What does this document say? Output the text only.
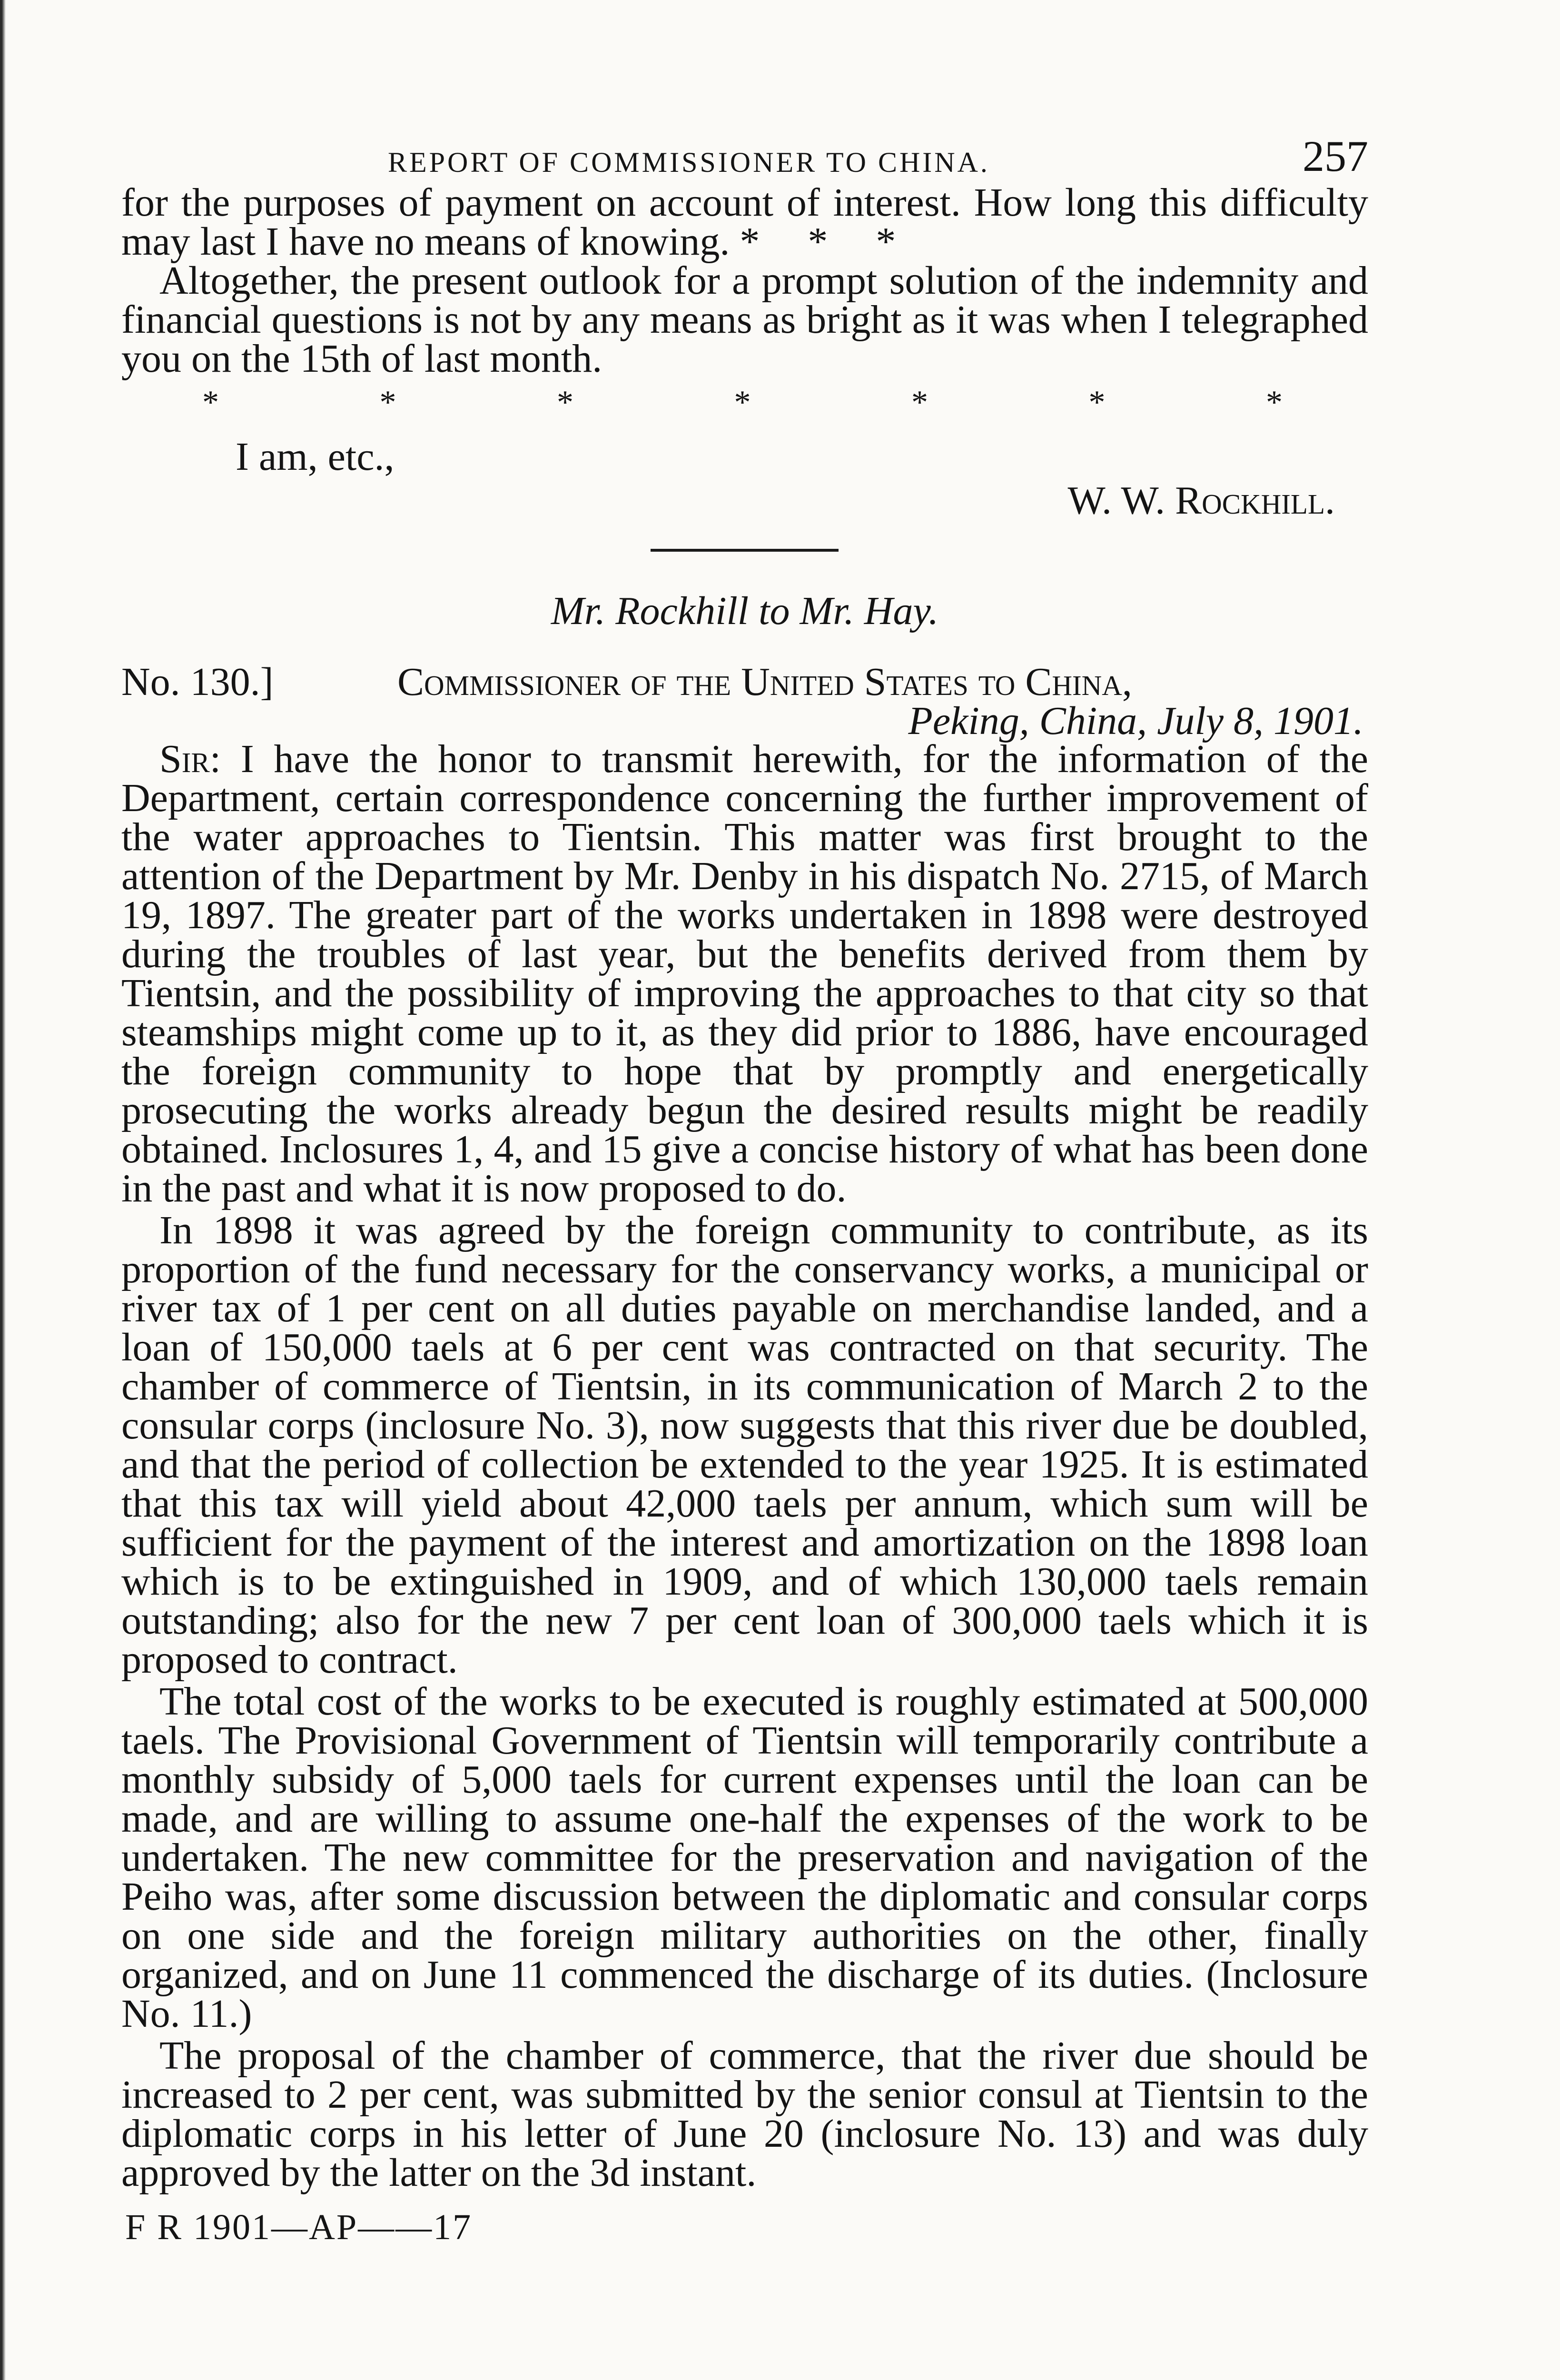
REPORT OF COMMISSIONER TO CHINA.	257

for the purposes of payment on account of interest. How long this difficulty may last I have no means of knowing. * * *

Altogether, the present outlook for a prompt solution of the indemnity and financial questions is not by any means as bright as it was when I telegraphed you on the 15th of last month.

*	*	*	*	*	*	*
I am, etc.,
W. W. Rockhill.
Mr. Rockhill to Mr. Hay.
No. 130.]	Commissioner of the United States to China,
Peking, China, July 8, 1901.

Sir: I have the honor to transmit herewith, for the information of the Department, certain correspondence concerning the further improvement of the water approaches to Tientsin. This matter was first brought to the attention of the Department by Mr. Denby in his dispatch No. 2715, of March 19, 1897. The greater part of the works undertaken in 1898 were destroyed during the troubles of last year, but the benefits derived from them by Tientsin, and the possibility of improving the approaches to that city so that steamships might come up to it, as they did prior to 1886, have encouraged the foreign community to hope that by promptly and energetically prosecuting the works already begun the desired results might be readily obtained. Inclosures 1, 4, and 15 give a concise history of what has been done in the past and what it is now proposed to do.

In 1898 it was agreed by the foreign community to contribute, as its proportion of the fund necessary for the conservancy works, a municipal or river tax of 1 per cent on all duties payable on merchandise landed, and a loan of 150,000 taels at 6 per cent was contracted on that security. The chamber of commerce of Tientsin, in its communication of March 2 to the consular corps (inclosure No. 3), now suggests that this river due be doubled, and that the period of collection be extended to the year 1925. It is estimated that this tax will yield about 42,000 taels per annum, which sum will be sufficient for the payment of the interest and amortization on the 1898 loan which is to be extinguished in 1909, and of which 130,000 taels remain outstanding; also for the new 7 per cent loan of 300,000 taels which it is proposed to contract.

The total cost of the works to be executed is roughly estimated at 500,000 taels. The Provisional Government of Tientsin will temporarily contribute a monthly subsidy of 5,000 taels for current expenses until the loan can be made, and are willing to assume one-half the expenses of the work to be undertaken. The new committee for the preservation and navigation of the Peiho was, after some discussion between the diplomatic and consular corps on one side and the foreign military authorities on the other, finally organized, and on June 11 commenced the discharge of its duties. (Inclosure No. 11.)

The proposal of the chamber of commerce, that the river due should be increased to 2 per cent, was submitted by the senior consul at Tientsin to the diplomatic corps in his letter of June 20 (inclosure No. 13) and was duly approved by the latter on the 3d instant.

F R 1901—AP——17
